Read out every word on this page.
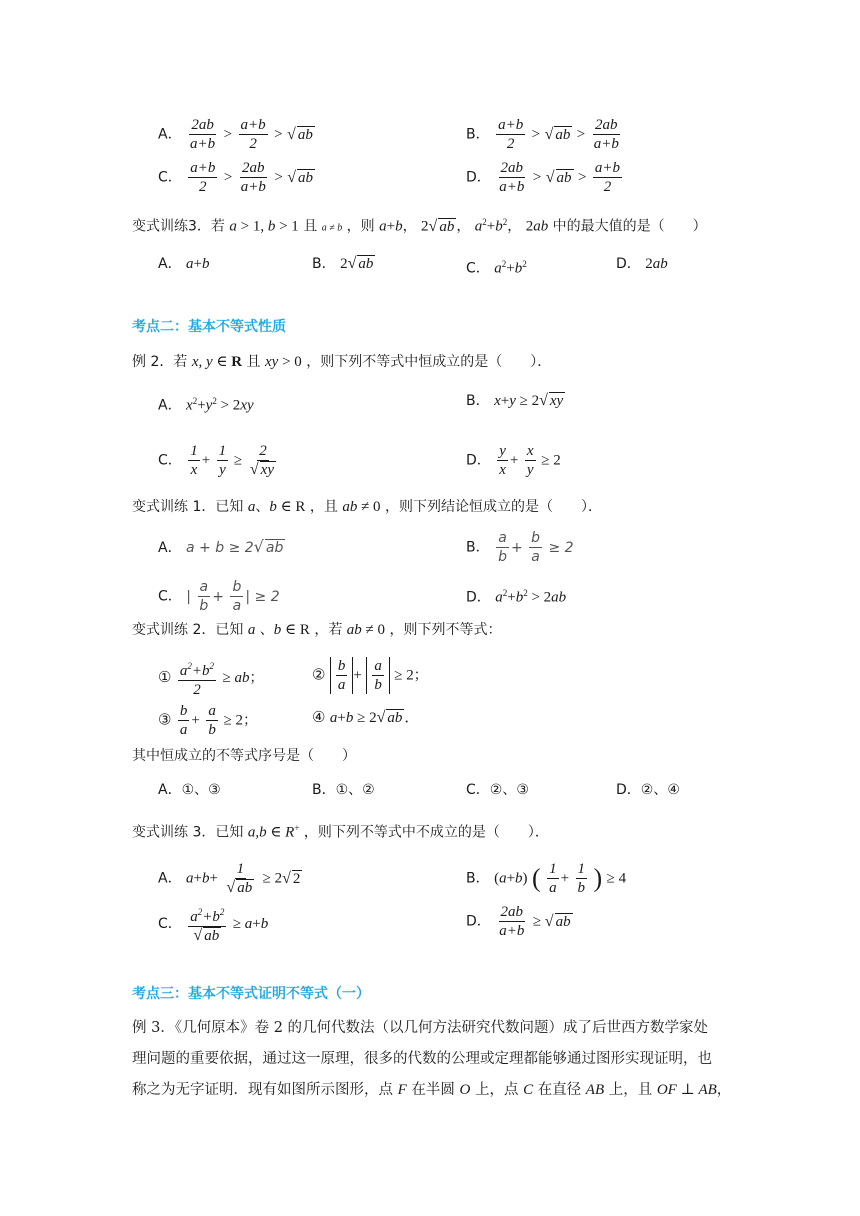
A． $\frac{2ab}{a+b} > \frac{a+b}{2}$ > √ ab	B． $\frac{a+b}{2}$ > √ ab > $\frac{2ab}{a+b}$
C． $\frac{a+b}{2} > \frac{2ab}{a+b}$ > √ ab	D． $\frac{2ab}{a+b}$ > √ ab > $\frac{a+b}{2}$
变式训练3．若 a > 1, b > 1 且 a ≠ b ，则 a+b， 2√ ab ， $a^2+b^2$， 2ab 中的最大值的是（　　）
A． a+b	B． 2√ ab	C． $a^2+b^2$	D． 2ab
考点二：基本不等式性质
例 2．若 x, y ∈ R 且 xy > 0 ，则下列不等式中恒成立的是（　　）．
A． $x^2+y^2 > 2xy$	B． x+y ≥ 2√ xy
C． $\frac{1}{x} + \frac{1}{y} \ge \frac{2}{√ xy}$	D． $\frac{y}{x} + \frac{x}{y} \ge 2$
变式训练 1．已知 a、b ∈ R ，且 ab ≠ 0 ，则下列结论恒成立的是（　　）．
A． a + b ≥ 2√ ab	B． $\frac{a}{b} + \frac{b}{a} \ge 2$
C． | $\frac{a}{b} + \frac{b}{a}$ | ≥ 2	D． $a^2+b^2 > 2ab$
变式训练 2．已知 a 、b ∈ R ，若 ab ≠ 0 ，则下列不等式：
① $\frac{a^2+b^2}{2}$ ≥ ab；	② $\frac{b}{a} + \frac{a}{b} \ge 2$；
③ $\frac{b}{a} + \frac{a}{b} \ge 2$；	④ a+b ≥ 2√ ab ．
其中恒成立的不等式序号是（　　）
A．①、③	B．①、②	C．②、③	D．②、④
变式训练 3．已知 a,b ∈ R+ ，则下列不等式中不成立的是（　　）．
A． $a+b+ \frac{1}{√ ab} \ge 2√$ 2	B． (a+b) ( $\frac{1}{a} + \frac{1}{b}$ ) ≥ 4
C． $\frac{a^2+b^2}{√ ab} \ge a+b$	D． $\frac{2ab}{a+b}$ ≥ √ ab
考点三：基本不等式证明不等式（一）
例 3．《几何原本》卷 2 的几何代数法（以几何方法研究代数问题）成了后世西方数学家处
理问题的重要依据，通过这一原理，很多的代数的公理或定理都能够通过图形实现证明，也
称之为无字证明．现有如图所示图形，点 F 在半圆 O 上，点 C 在直径 AB 上，且 OF ⊥ AB，
